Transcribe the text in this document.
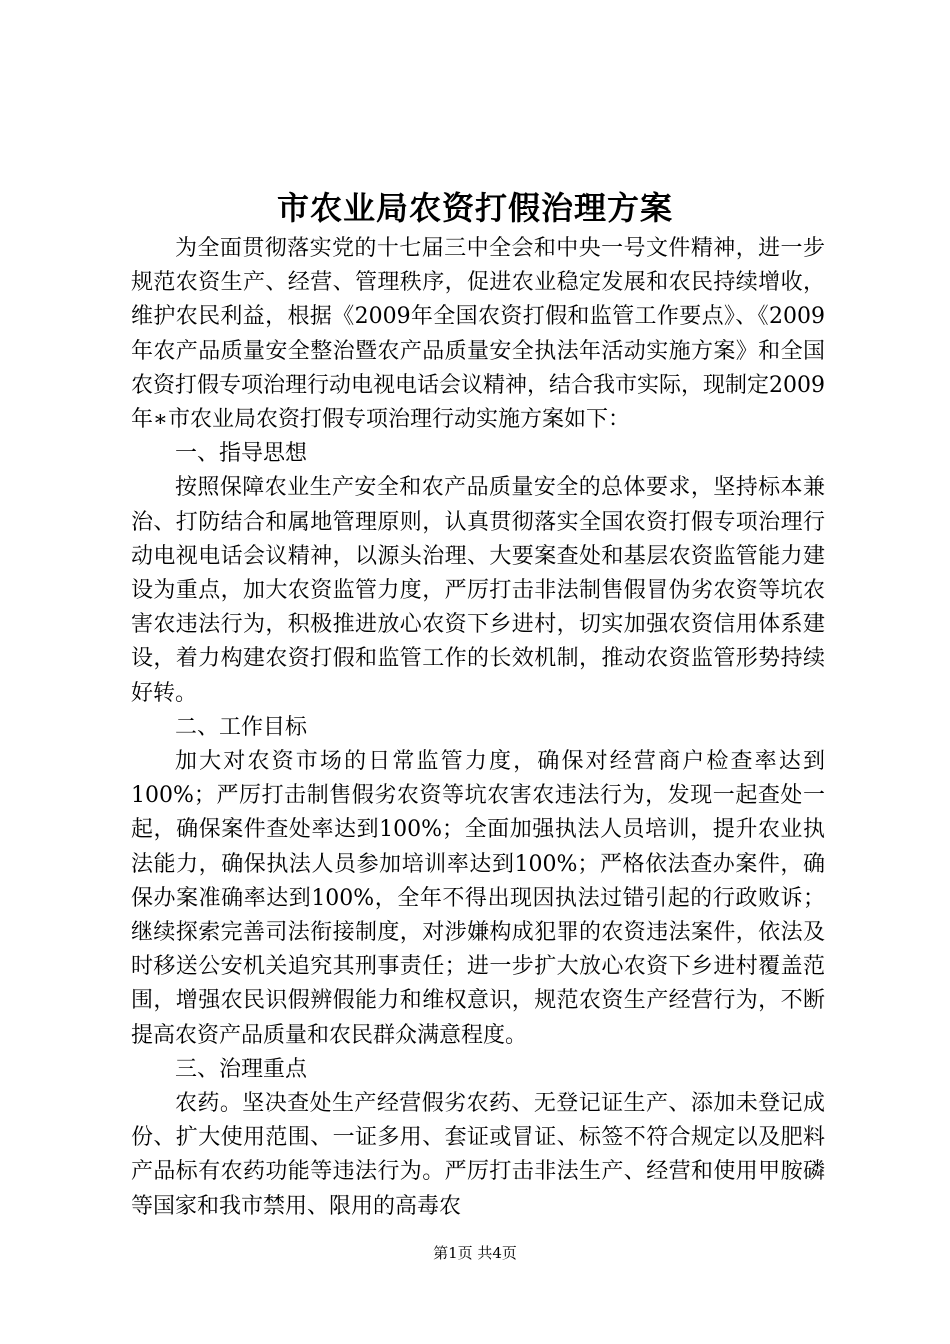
市农业局农资打假治理方案

为全面贯彻落实党的十七届三中全会和中央一号文件精神，进一步规范农资生产、经营、管理秩序，促进农业稳定发展和农民持续增收，维护农民利益，根据《2009年全国农资打假和监管工作要点》、《2009年农产品质量安全整治暨农产品质量安全执法年活动实施方案》和全国农资打假专项治理行动电视电话会议精神，结合我市实际，现制定2009年∗市农业局农资打假专项治理行动实施方案如下：

一、指导思想

按照保障农业生产安全和农产品质量安全的总体要求，坚持标本兼治、打防结合和属地管理原则，认真贯彻落实全国农资打假专项治理行动电视电话会议精神，以源头治理、大要案查处和基层农资监管能力建设为重点，加大农资监管力度，严厉打击非法制售假冒伪劣农资等坑农害农违法行为，积极推进放心农资下乡进村，切实加强农资信用体系建设，着力构建农资打假和监管工作的长效机制，推动农资监管形势持续好转。

二、工作目标

加大对农资市场的日常监管力度，确保对经营商户检查率达到100%；严厉打击制售假劣农资等坑农害农违法行为，发现一起查处一起，确保案件查处率达到100%；全面加强执法人员培训，提升农业执法能力，确保执法人员参加培训率达到100%；严格依法查办案件，确保办案准确率达到100%，全年不得出现因执法过错引起的行政败诉；继续探索完善司法衔接制度，对涉嫌构成犯罪的农资违法案件，依法及时移送公安机关追究其刑事责任；进一步扩大放心农资下乡进村覆盖范围，增强农民识假辨假能力和维权意识，规范农资生产经营行为，不断提高农资产品质量和农民群众满意程度。

三、治理重点

农药。坚决查处生产经营假劣农药、无登记证生产、添加未登记成份、扩大使用范围、一证多用、套证或冒证、标签不符合规定以及肥料产品标有农药功能等违法行为。严厉打击非法生产、经营和使用甲胺磷等国家和我市禁用、限用的高毒农

第1页 共4页
